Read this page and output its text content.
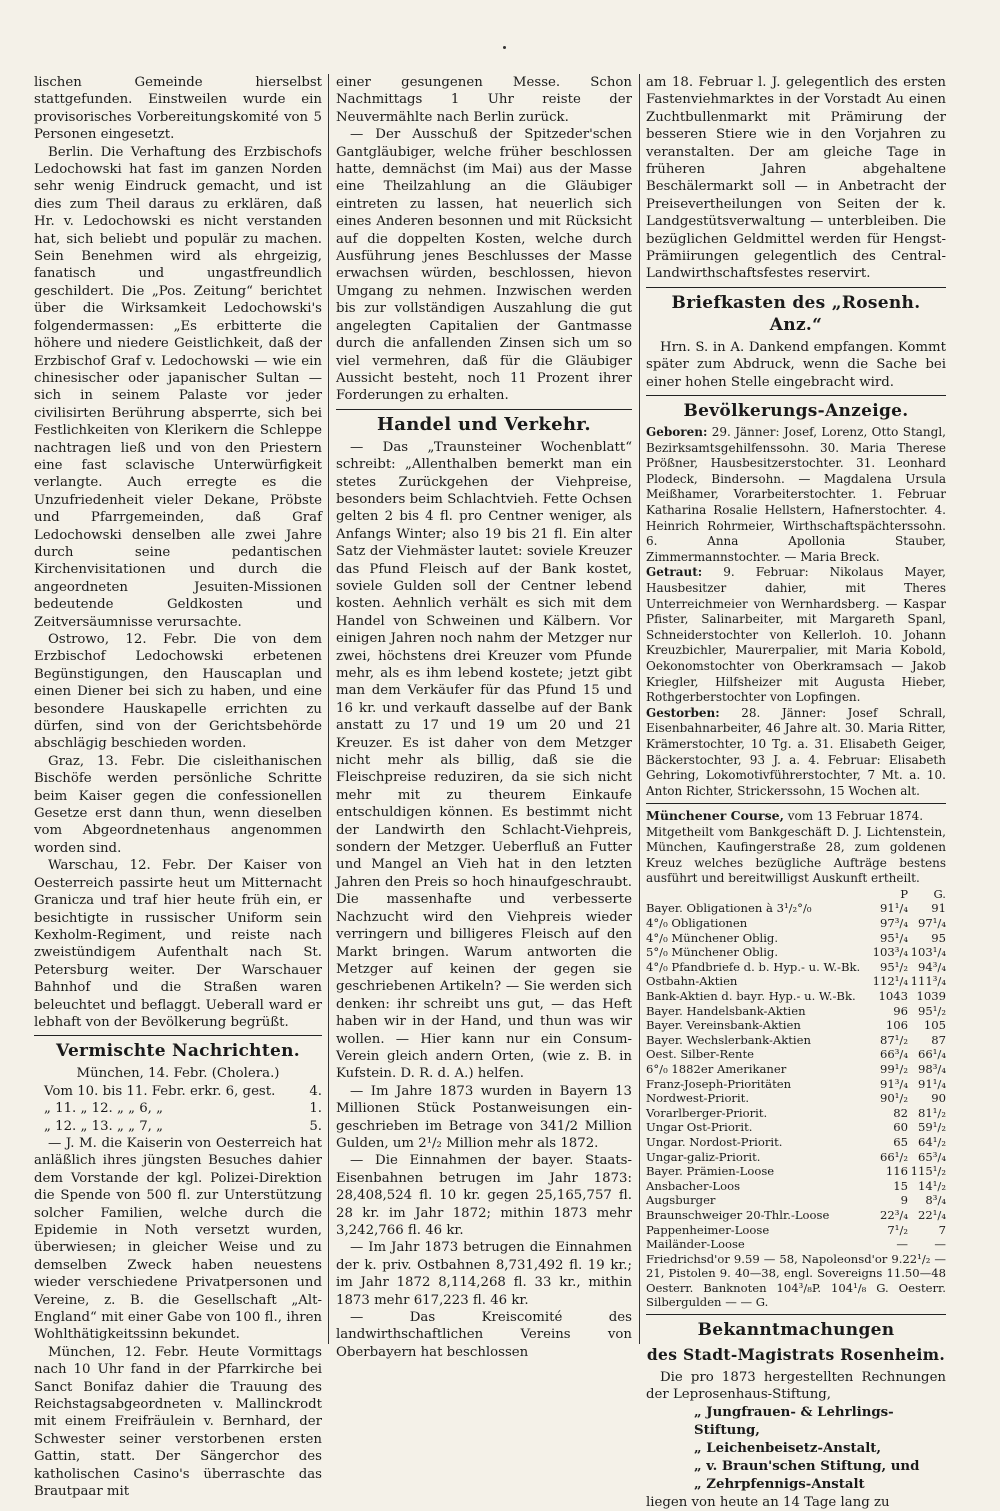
lischen Gemeinde hierselbst stattgefunden. Einstweilen wurde ein provisorisches Vorbereitungskomité von 5 Personen eingesetzt.

Berlin. Die Verhaftung des Erzbischofs Ledochowski hat fast im ganzen Norden sehr wenig Eindruck gemacht, und ist dies zum Theil daraus zu erklären, daß Hr. v. Ledochowski es nicht verstanden hat, sich beliebt und populär zu machen. Sein Benehmen wird als ehrgeizig, fanatisch und ungastfreundlich geschildert. Die „Pos. Zeitung“ berichtet über die Wirksamkeit Ledochowski's folgendermassen: „Es erbitterte die höhere und niedere Geistlichkeit, daß der Erzbischof Graf v. Ledochowski — wie ein chinesischer oder japanischer Sultan — sich in seinem Palaste vor jeder civilisirten Berührung absperrte, sich bei Festlichkeiten von Klerikern die Schleppe nachtragen ließ und von den Priestern eine fast sclavische Unterwürfigkeit verlangte. Auch erregte es die Unzufriedenheit vieler Dekane, Pröbste und Pfarrgemeinden, daß Graf Ledochowski denselben alle zwei Jahre durch seine pedantischen Kirchenvisitationen und durch die angeordneten Jesuiten-Missionen bedeutende Geldkosten und Zeitversäumnisse verursachte.

Ostrowo, 12. Febr. Die von dem Erzbischof Ledochowski erbetenen Begünstigungen, den Hauscaplan und einen Diener bei sich zu haben, und eine besondere Hauskapelle errichten zu dürfen, sind von der Gerichtsbehörde abschlägig beschieden worden.

Graz, 13. Febr. Die cisleithanischen Bischöfe werden persönliche Schritte beim Kaiser gegen die confessionellen Gesetze erst dann thun, wenn dieselben vom Abgeordnetenhaus angenommen worden sind.

Warschau, 12. Febr. Der Kaiser von Oesterreich passirte heut um Mitternacht Granicza und traf hier heute früh ein, er besichtigte in russischer Uniform sein Kexholm-Regiment, und reiste nach zweistündigem Aufenthalt nach St. Petersburg weiter. Der Warschauer Bahnhof und die Straßen waren beleuchtet und beflaggt. Ueberall ward er lebhaft von der Bevölkerung begrüßt.

Vermischte Nachrichten.
München, 14. Febr. (Cholera.)
Vom 10. bis 11. Febr. erkr. 6, gest.	4.
„ 11. „ 12. „ „ 6, „	1.
„ 12. „ 13. „ „ 7, „	5.

— J. M. die Kaiserin von Oesterreich hat anläßlich ihres jüngsten Besuches dahier dem Vorstande der kgl. Polizei-Direktion die Spende von 500 fl. zur Unterstützung solcher Familien, welche durch die Epidemie in Noth versetzt wurden, überwiesen; in gleicher Weise und zu demselben Zweck haben neuestens wieder verschiedene Privatpersonen und Vereine, z. B. die Gesellschaft „Alt-England“ mit einer Gabe von 100 fl., ihren Wohlthätigkeitssinn bekundet.

München, 12. Febr. Heute Vormittags nach 10 Uhr fand in der Pfarrkirche bei Sanct Bonifaz dahier die Trauung des Reichstagsabgeordneten v. Mallinckrodt mit einem Freifräulein v. Bernhard, der Schwester seiner verstorbenen ersten Gattin, statt. Der Sängerchor des katholischen Casino's überraschte das Brautpaar mit

einer gesungenen Messe. Schon Nachmittags 1 Uhr reiste der Neuvermählte nach Berlin zurück.

— Der Ausschuß der Spitzeder'schen Gantgläubiger, welche früher beschlossen hatte, demnächst (im Mai) aus der Masse eine Theilzahlung an die Gläubiger eintreten zu lassen, hat neuerlich sich eines Anderen besonnen und mit Rücksicht auf die doppelten Kosten, welche durch Ausführung jenes Beschlusses der Masse erwachsen würden, beschlossen, hievon Umgang zu nehmen. Inzwischen werden bis zur vollständigen Auszahlung die gut angelegten Capitalien der Gantmasse durch die anfallenden Zinsen sich um so viel vermehren, daß für die Gläubiger Aussicht besteht, noch 11 Prozent ihrer Forderungen zu erhalten.

Handel und Verkehr.

— Das „Traunsteiner Wochenblatt“ schreibt: „Allenthalben bemerkt man ein stetes Zurückgehen der Viehpreise, besonders beim Schlachtvieh. Fette Ochsen gelten 2 bis 4 fl. pro Centner weniger, als Anfangs Winter; also 19 bis 21 fl. Ein alter Satz der Viehmäster lautet: soviele Kreuzer das Pfund Fleisch auf der Bank kostet, soviele Gulden soll der Centner lebend kosten. Aehnlich verhält es sich mit dem Handel von Schweinen und Kälbern. Vor einigen Jahren noch nahm der Metzger nur zwei, höchstens drei Kreuzer vom Pfunde mehr, als es ihm lebend kostete; jetzt gibt man dem Verkäufer für das Pfund 15 und 16 kr. und verkauft dasselbe auf der Bank anstatt zu 17 und 19 um 20 und 21 Kreuzer. Es ist daher von dem Metzger nicht mehr als billig, daß sie die Fleischpreise reduziren, da sie sich nicht mehr mit zu theurem Einkaufe entschuldigen können. Es bestimmt nicht der Landwirth den Schlacht-Viehpreis, sondern der Metzger. Ueberfluß an Futter und Mangel an Vieh hat in den letzten Jahren den Preis so hoch hinaufgeschraubt. Die massenhafte und verbesserte Nachzucht wird den Viehpreis wieder verringern und billigeres Fleisch auf den Markt bringen. Warum antworten die Metzger auf keinen der gegen sie geschriebenen Artikeln? — Sie werden sich denken: ihr schreibt uns gut, — das Heft haben wir in der Hand, und thun was wir wollen. — Hier kann nur ein Consum-Verein gleich andern Orten, (wie z. B. in Kufstein. D. R. d. A.) helfen.

— Im Jahre 1873 wurden in Bayern 13 Millionen Stück Postanweisungen ein- geschrieben im Betrage von 341/2 Million Gulden, um 2¹/₂ Million mehr als 1872.

— Die Einnahmen der bayer. Staats-Eisenbahnen betrugen im Jahr 1873: 28,408,524 fl. 10 kr. gegen 25,165,757 fl. 28 kr. im Jahr 1872; mithin 1873 mehr 3,242,766 fl. 46 kr.

— Im Jahr 1873 betrugen die Einnahmen der k. priv. Ostbahnen 8,731,492 fl. 19 kr.; im Jahr 1872 8,114,268 fl. 33 kr., mithin 1873 mehr 617,223 fl. 46 kr.

— Das Kreiscomité des landwirthschaftlichen Vereins von Oberbayern hat beschlossen

am 18. Februar l. J. gelegentlich des ersten Fastenviehmarktes in der Vorstadt Au einen Zuchtbullenmarkt mit Prämirung der besseren Stiere wie in den Vorjahren zu veranstalten. Der am gleiche Tage in früheren Jahren abgehaltene Beschälermarkt soll — in Anbetracht der Preisevertheilungen von Seiten der k. Landgestütsverwaltung — unterbleiben. Die bezüglichen Geldmittel werden für Hengst-Prämiirungen gelegentlich des Central-Landwirthschaftsfestes reservirt.

Briefkasten des „Rosenh. Anz.“

Hrn. S. in A. Dankend empfangen. Kommt später zum Abdruck, wenn die Sache bei einer hohen Stelle eingebracht wird.

Bevölkerungs-Anzeige.

Geboren: 29. Jänner: Josef, Lorenz, Otto Stangl, Bezirksamtsgehilfenssohn. 30. Maria Therese Prößner, Hausbesitzerstochter. 31. Leonhard Plodeck, Bindersohn. — Magdalena Ursula Meißhamer, Vorarbeiterstochter. 1. Februar Katharina Rosalie Hellstern, Hafnerstochter. 4. Heinrich Rohrmeier, Wirthschaftspächterssohn. 6. Anna Apollonia Stauber, Zimmermannstochter. — Maria Breck.

Getraut: 9. Februar: Nikolaus Mayer, Hausbesitzer dahier, mit Theres Unterreichmeier von Wernhardsberg. — Kaspar Pfister, Salinarbeiter, mit Margareth Spanl, Schneiderstochter von Kellerloh. 10. Johann Kreuzbichler, Maurerpalier, mit Maria Kobold, Oekonomstochter von Oberkramsach — Jakob Kriegler, Hilfsheizer mit Augusta Hieber, Rothgerberstochter von Lopfingen.

Gestorben: 28. Jänner: Josef Schrall, Eisenbahnarbeiter, 46 Jahre alt. 30. Maria Ritter, Krämerstochter, 10 Tg. a. 31. Elisabeth Geiger, Bäckerstochter, 93 J. a. 4. Februar: Elisabeth Gehring, Lokomotivführerstochter, 7 Mt. a. 10. Anton Richter, Strickerssohn, 15 Wochen alt.

Münchener Course, vom 13 Februar 1874.

Mitgetheilt vom Bankgeschäft D. J. Lichtenstein, München, Kaufingerstraße 28, zum goldenen Kreuz welches bezügliche Aufträge bestens ausführt und bereitwilligst Auskunft ertheilt.

	P	G.
Bayer. Obligationen à 3¹/₂°/₀	91¹/₄	91
4°/₀ Obligationen	97³/₄	97¹/₄
4°/₀ Münchener Oblig.	95¹/₄	95
5°/₀ Münchener Oblig.	103³/₄	103¹/₄
4°/₀ Pfandbriefe d. b. Hyp.- u. W.-Bk.	95¹/₂	94³/₄
Ostbahn-Aktien	112¹/₄	111³/₄
Bank-Aktien d. bayr. Hyp.- u. W.-Bk.	1043	1039
Bayer. Handelsbank-Aktien	96	95¹/₂
Bayer. Vereinsbank-Aktien	106	105
Bayer. Wechslerbank-Aktien	87¹/₂	87
Oest. Silber-Rente	66³/₄	66¹/₄
6°/₀ 1882er Amerikaner	99¹/₂	98³/₄
Franz-Joseph-Prioritäten	91³/₄	91¹/₄
Nordwest-Priorit.	90¹/₂	90
Vorarlberger-Priorit.	82	81¹/₂
Ungar Ost-Priorit.	60	59¹/₂
Ungar. Nordost-Priorit.	65	64¹/₂
Ungar-galiz-Priorit.	66¹/₂	65³/₄
Bayer. Prämien-Loose	116	115¹/₂
Ansbacher-Loos	15	14¹/₂
Augsburger	9	8³/₄
Braunschweiger 20-Thlr.-Loose	22³/₄	22¹/₄
Pappenheimer-Loose	7¹/₂	7
Mailänder-Loose	—	—

Friedrichsd'or 9.59 — 58, Napoleonsd'or 9.22¹/₂ —21, Pistolen 9. 40—38, engl. Sovereigns 11.50—48 Oesterr. Banknoten 104³/₈P. 104¹/₈ G. Oesterr. Silbergulden — — G.

Bekanntmachungen
des Stadt-Magistrats Rosenheim.

Die pro 1873 hergestellten Rechnungen der Leprosenhaus-Stiftung,

„ Jungfrauen- & Lehrlings-Stiftung,

„ Leichenbeisetz-Anstalt,

„ v. Braun'schen Stiftung, und

„ Zehrpfennigs-Anstalt

liegen von heute an 14 Tage lang zu
